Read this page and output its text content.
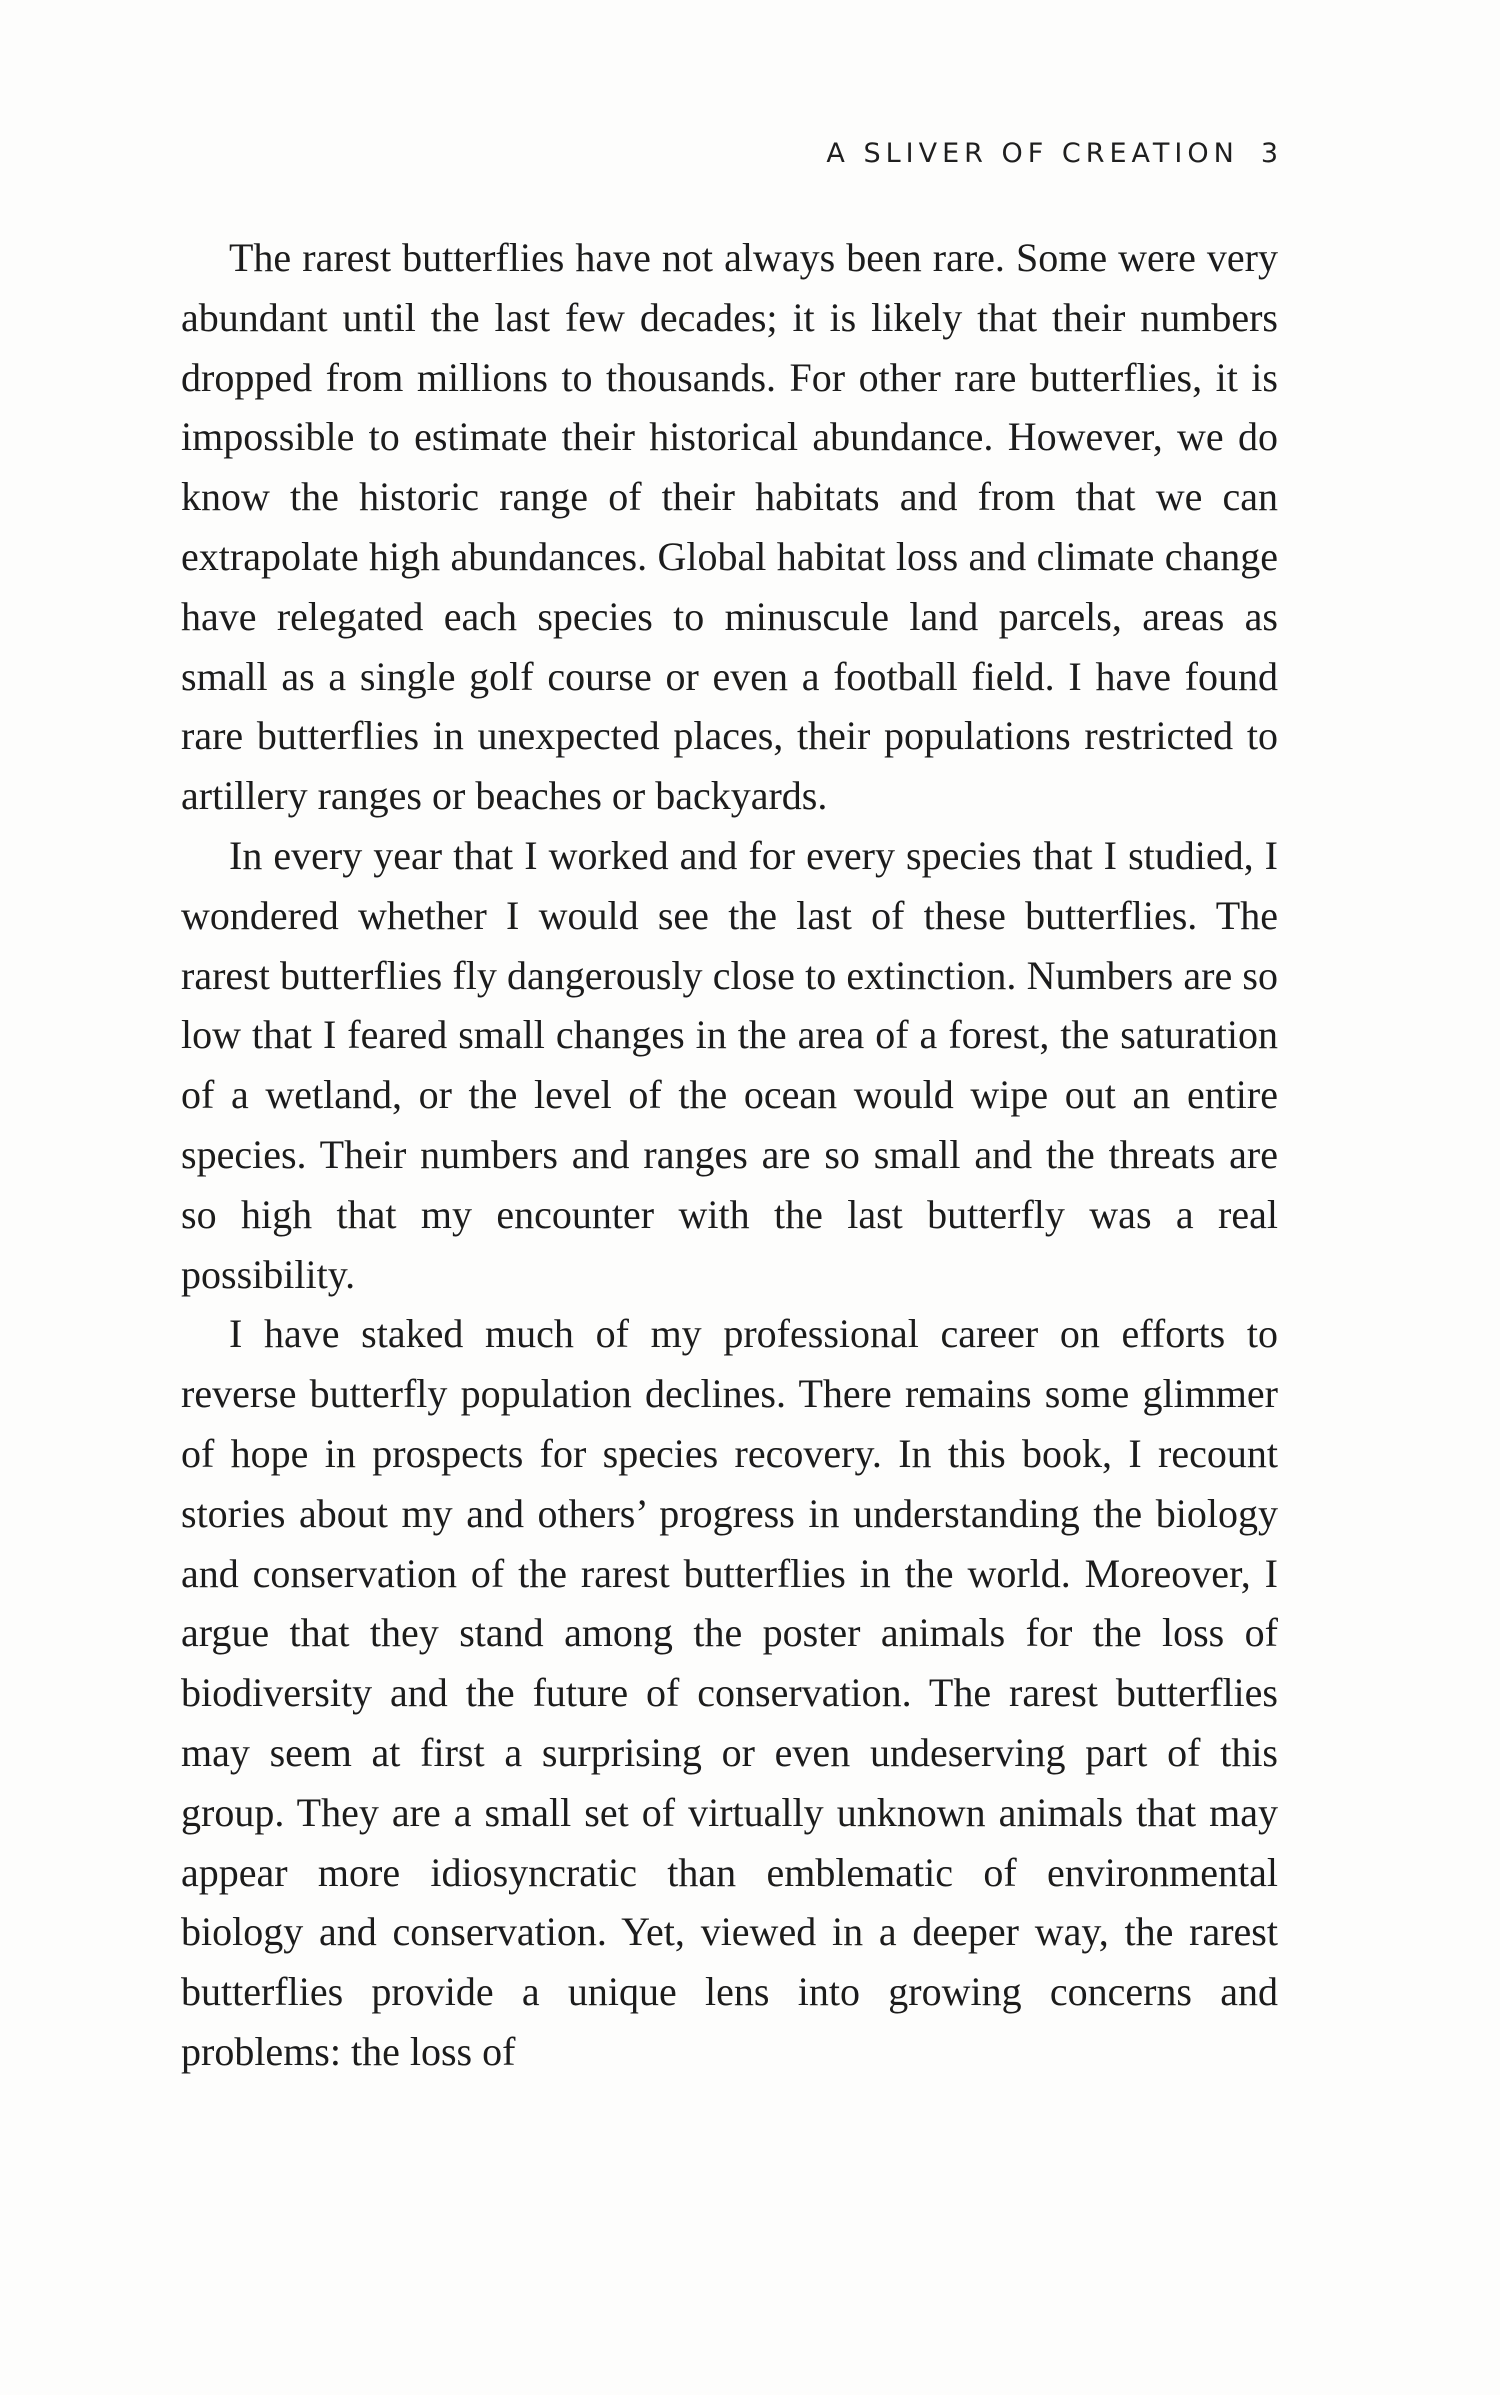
A SLIVER OF CREATION 3

The rarest butterflies have not always been rare. Some were very abundant until the last few decades; it is likely that their numbers dropped from millions to thousands. For other rare butterflies, it is impossible to estimate their historical abundance. However, we do know the historic range of their habitats and from that we can extrapolate high abundances. Global habitat loss and climate change have relegated each species to minuscule land parcels, areas as small as a single golf course or even a football field. I have found rare butterflies in unexpected places, their populations restricted to artillery ranges or beaches or backyards.

In every year that I worked and for every species that I studied, I wondered whether I would see the last of these butterflies. The rarest butterflies fly dangerously close to extinction. Numbers are so low that I feared small changes in the area of a forest, the saturation of a wetland, or the level of the ocean would wipe out an entire species. Their numbers and ranges are so small and the threats are so high that my encounter with the last butterfly was a real possibility.

I have staked much of my professional career on efforts to reverse butterfly population declines. There remains some glimmer of hope in prospects for species recovery. In this book, I recount stories about my and others’ progress in understanding the biology and conservation of the rarest butterflies in the world. Moreover, I argue that they stand among the poster animals for the loss of biodiversity and the future of conservation. The rarest butterflies may seem at first a surprising or even undeserving part of this group. They are a small set of virtually unknown animals that may appear more idiosyncratic than emblematic of environmental biology and conservation. Yet, viewed in a deeper way, the rarest butterflies provide a unique lens into growing concerns and problems: the loss of
